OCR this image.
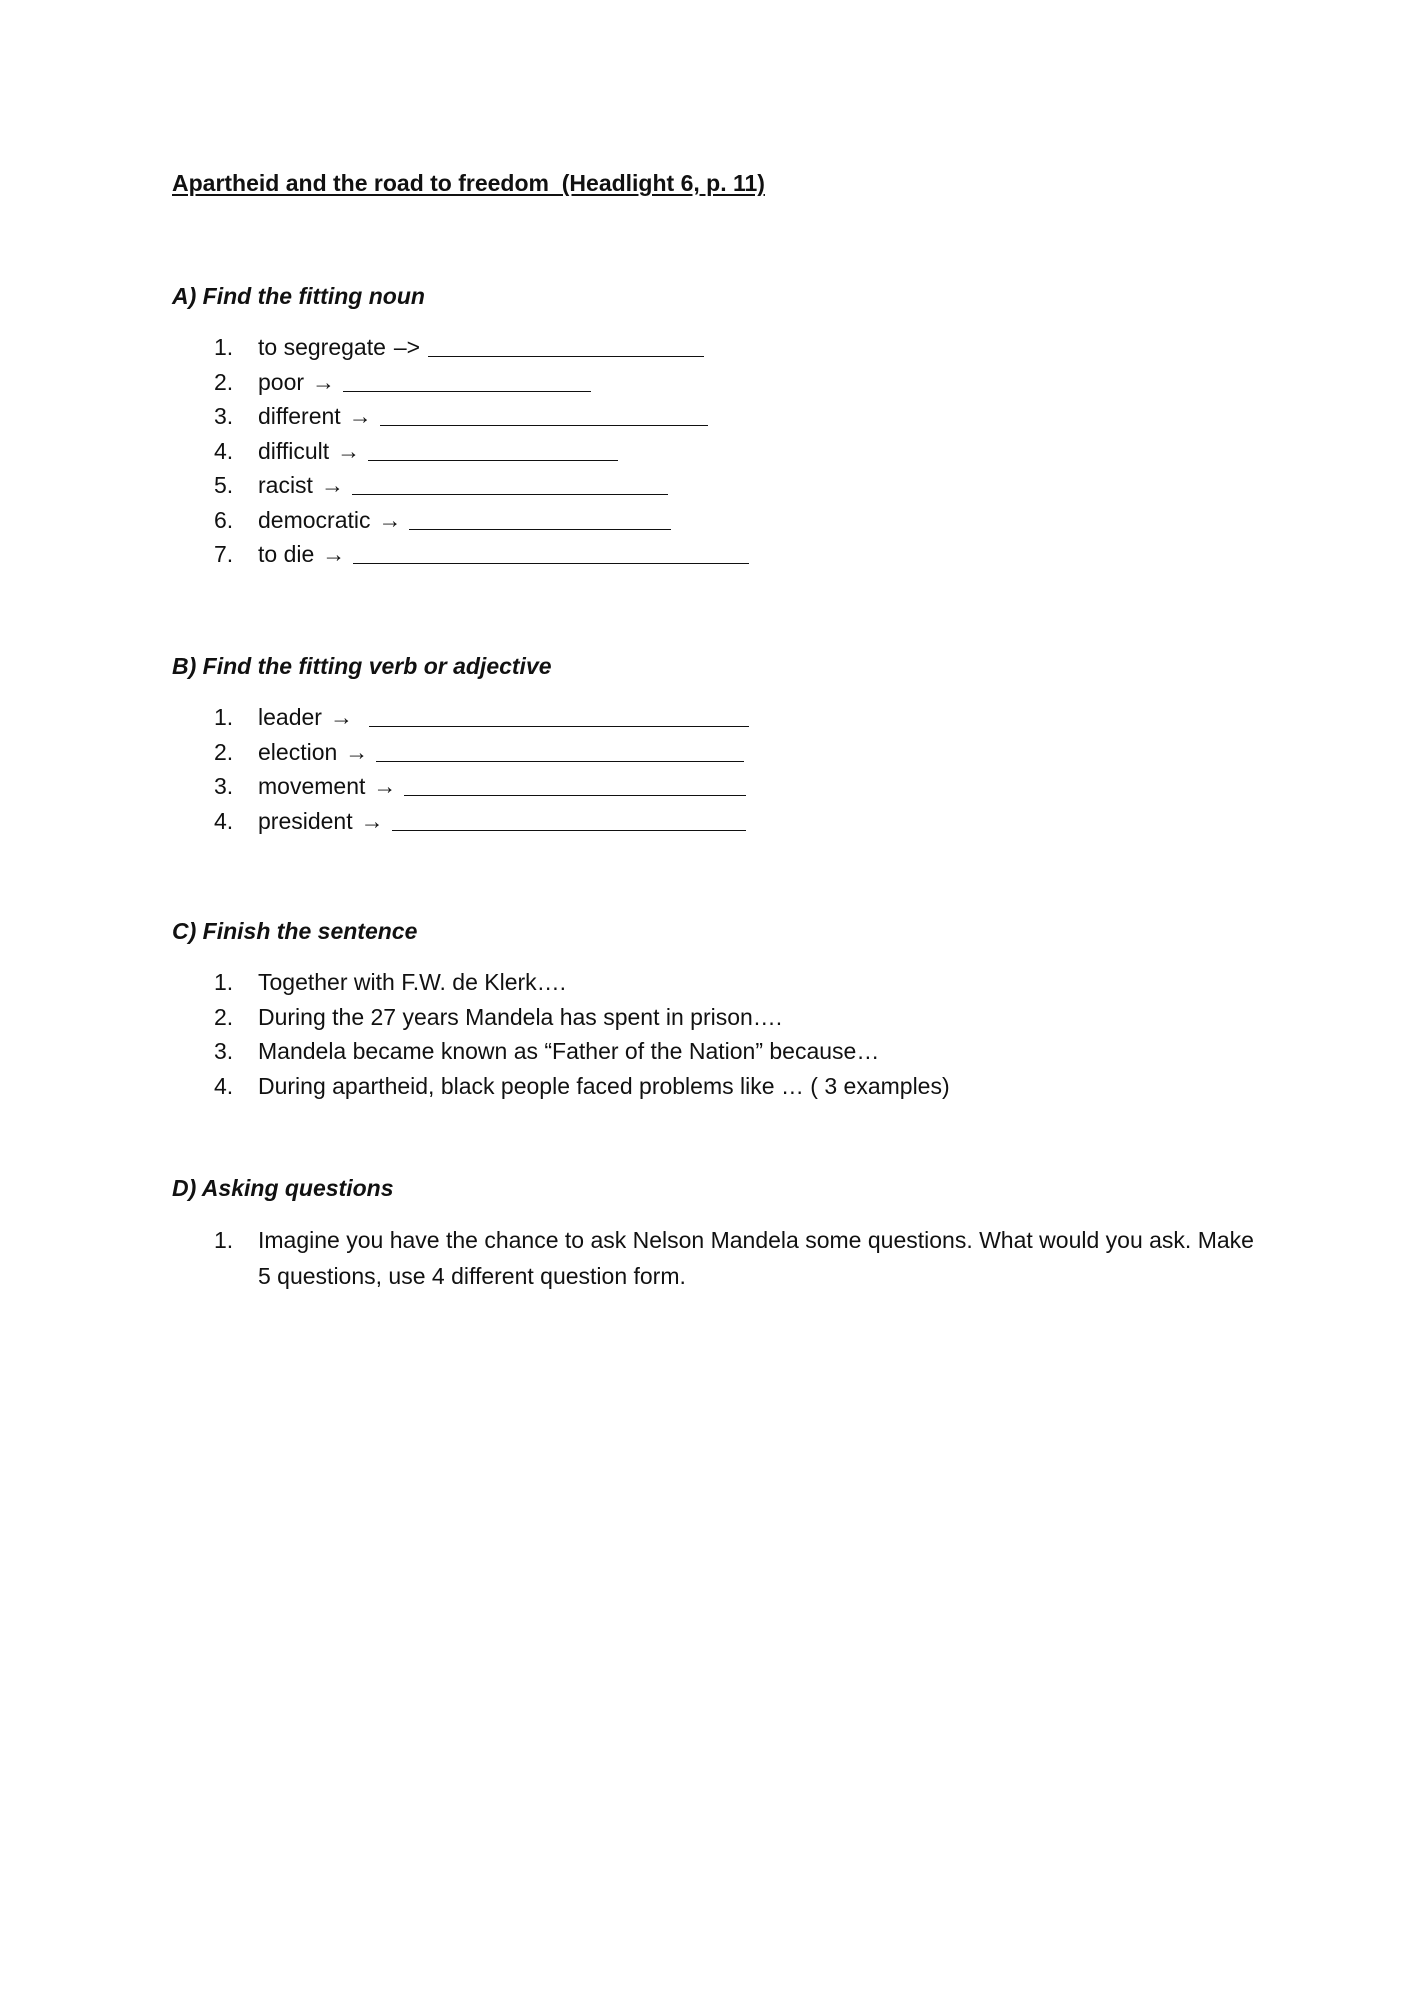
Apartheid and the road to freedom  (Headlight 6, p. 11)
A) Find the fitting noun
1.	to segregate –>
2.	poor →
3.	different →
4.	difficult →
5.	racist →
6.	democratic →
7.	to die →
B) Find the fitting verb or adjective
1.	leader →
2.	election →
3.	movement →
4.	president →
C) Finish the sentence
1.	Together with F.W. de Klerk….
2.	During the 27 years Mandela has spent in prison….
3.	Mandela became known as “Father of the Nation” because…
4.	During apartheid, black people faced problems like … ( 3 examples)
D) Asking questions
1.	Imagine you have the chance to ask Nelson Mandela some questions. What would you ask. Make 5 questions, use 4 different question form.
